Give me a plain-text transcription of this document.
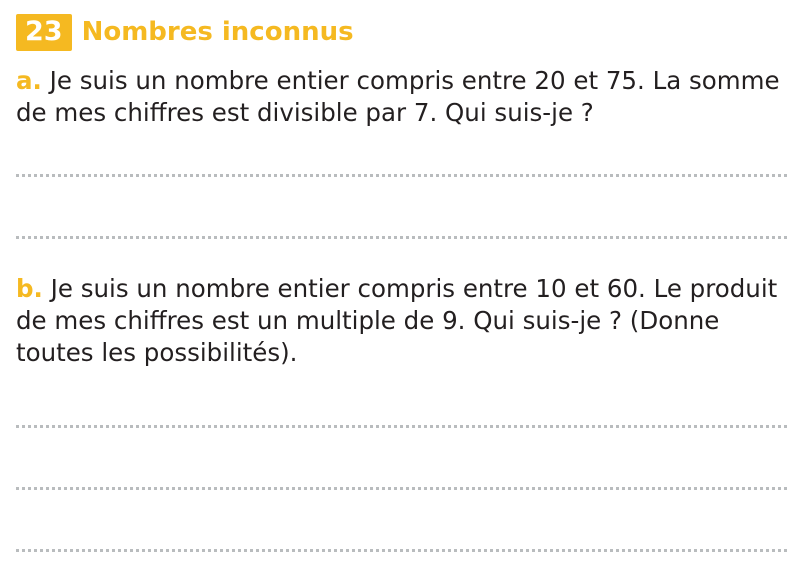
23 Nombres inconnus
a. Je suis un nombre entier compris entre 20 et 75. La somme de mes chiffres est divisible par 7. Qui suis-je ?
b. Je suis un nombre entier compris entre 10 et 60. Le produit de mes chiffres est un multiple de 9. Qui suis-je ? (Donne toutes les possibilités).
